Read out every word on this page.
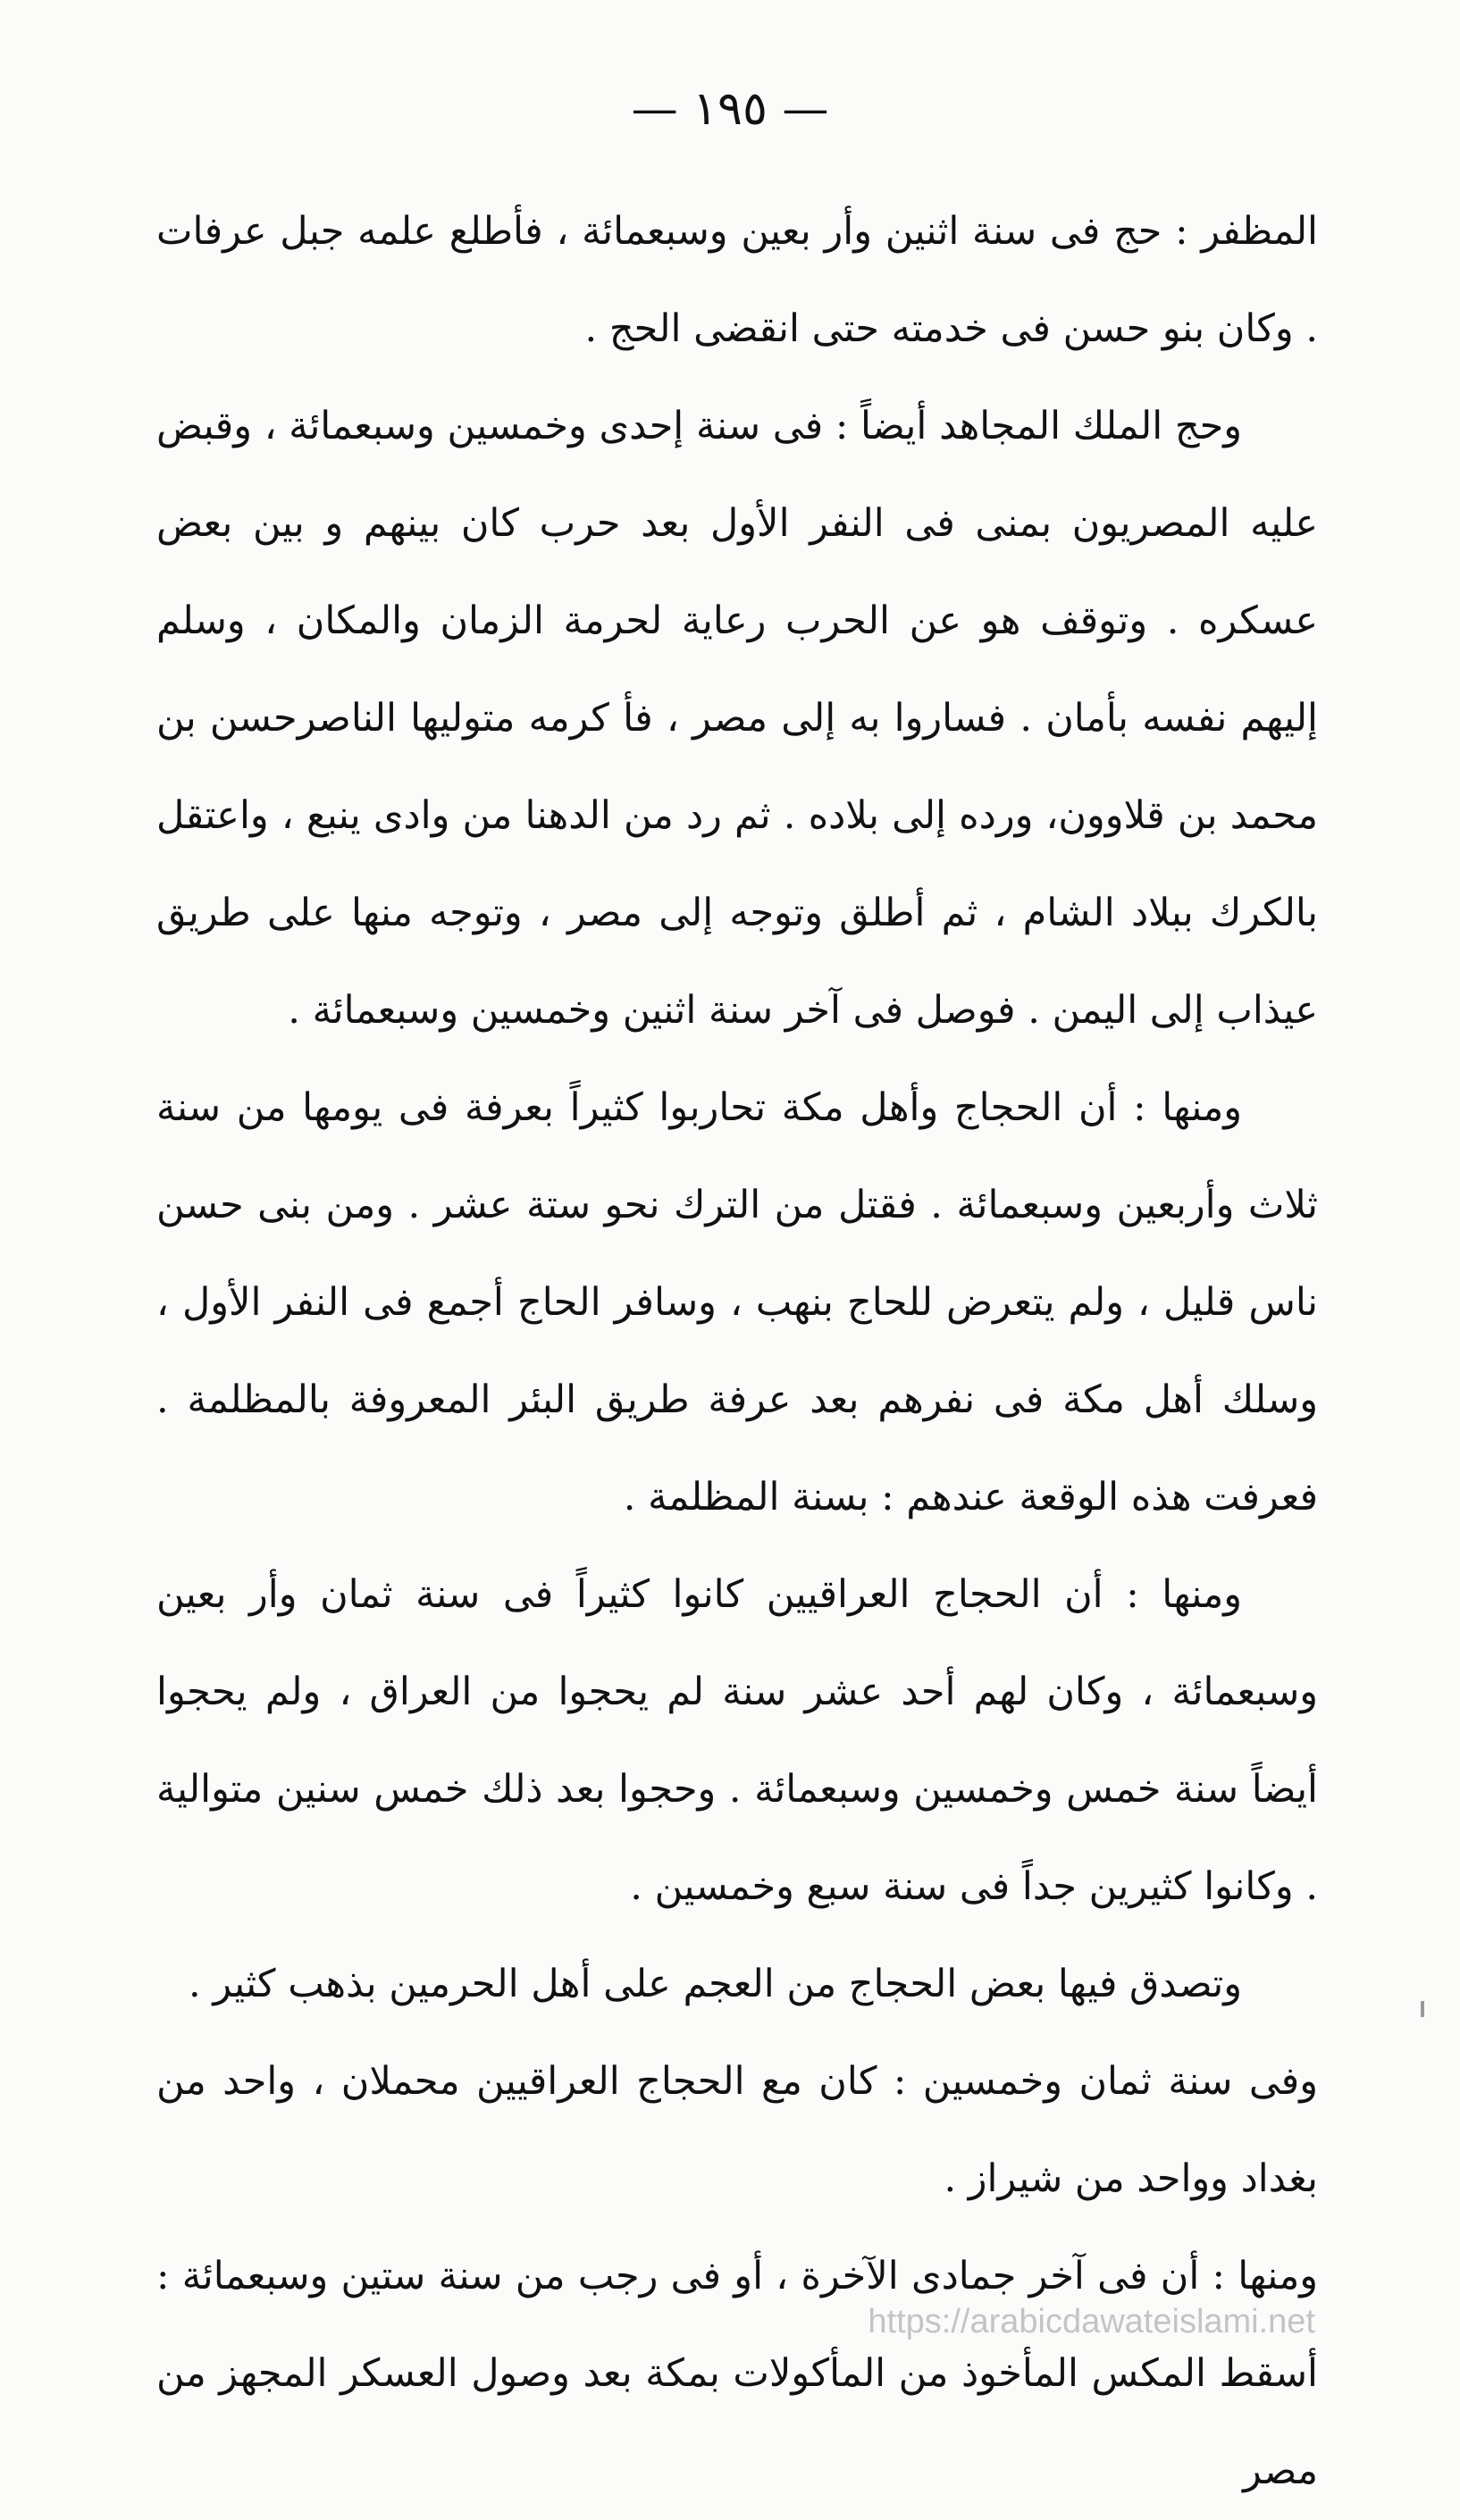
— ١٩٥ —

المظفر : حج فى سنة اثنين وأر بعين وسبعمائة ، فأطلع علمه جبل عرفات . وكان بنو حسن فى خدمته حتى انقضى الحج .

وحج الملك المجاهد أيضاً : فى سنة إحدى وخمسين وسبعمائة ، وقبض عليه المصريون بمنى فى النفر الأول بعد حرب كان بينهم و بين بعض عسكره . وتوقف هو عن الحرب رعاية لحرمة الزمان والمكان ، وسلم إليهم نفسه بأمان . فساروا به إلى مصر ، فأ كرمه متوليها الناصرحسن بن محمد بن قلاوون، ورده إلى بلاده . ثم رد من الدهنا من وادى ينبع ، واعتقل بالكرك ببلاد الشام ، ثم أطلق وتوجه إلى مصر ، وتوجه منها على طريق عيذاب إلى اليمن . فوصل فى آخر سنة اثنين وخمسين وسبعمائة .

ومنها : أن الحجاج وأهل مكة تحاربوا كثيراً بعرفة فى يومها من سنة ثلاث وأربعين وسبعمائة . فقتل من الترك نحو ستة عشر . ومن بنى حسن ناس قليل ، ولم يتعرض للحاج بنهب ، وسافر الحاج أجمع فى النفر الأول ، وسلك أهل مكة فى نفرهم بعد عرفة طريق البئر المعروفة بالمظلمة . فعرفت هذه الوقعة عندهم : بسنة المظلمة .

ومنها : أن الحجاج العراقيين كانوا كثيراً فى سنة ثمان وأر بعين وسبعمائة ، وكان لهم أحد عشر سنة لم يحجوا من العراق ، ولم يحجوا أيضاً سنة خمس وخمسين وسبعمائة . وحجوا بعد ذلك خمس سنين متوالية . وكانوا كثيرين جداً فى سنة سبع وخمسين .

وتصدق فيها بعض الحجاج من العجم على أهل الحرمين بذهب كثير .

وفى سنة ثمان وخمسين : كان مع الحجاج العراقيين محملان ، واحد من بغداد وواحد من شيراز .

ومنها : أن فى آخر جمادى الآخرة ، أو فى رجب من سنة ستين وسبعمائة : أسقط المكس المأخوذ من المأكولات بمكة بعد وصول العسكر المجهز من مصر

https://arabicdawateislami.net
